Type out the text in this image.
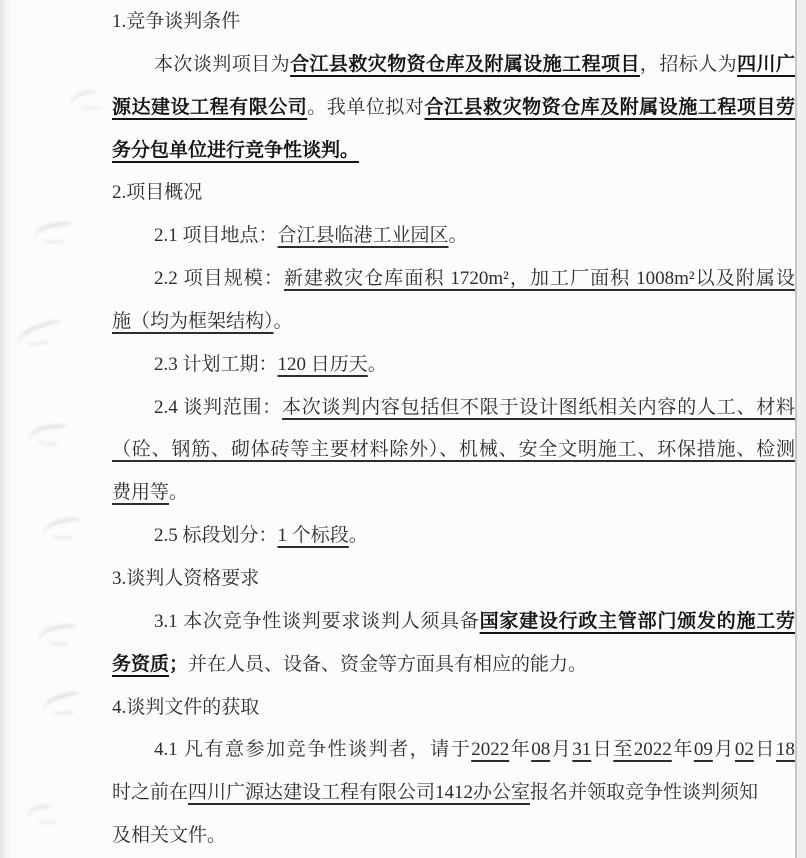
1.竞争谈判条件
本次谈判项目为合江县救灾物资仓库及附属设施工程项目，招标人为四川广
源达建设工程有限公司。我单位拟对合江县救灾物资仓库及附属设施工程项目劳
务分包单位进行竞争性谈判。
2.项目概况
2.1 项目地点：合江县临港工业园区。
2.2 项目规模：新建救灾仓库面积 1720m²，加工厂面积 1008m²以及附属设
施（均为框架结构）。
2.3 计划工期：120 日历天。
2.4 谈判范围：本次谈判内容包括但不限于设计图纸相关内容的人工、材料
（砼、钢筋、砌体砖等主要材料除外）、机械、安全文明施工、环保措施、检测
费用等。
2.5 标段划分：1 个标段。
3.谈判人资格要求
3.1 本次竞争性谈判要求谈判人须具备国家建设行政主管部门颁发的施工劳
务资质；并在人员、设备、资金等方面具有相应的能力。
4.谈判文件的获取
4.1 凡有意参加竞争性谈判者，请于2022年08月31日至2022年09月02日18
时之前在四川广源达建设工程有限公司1412办公室报名并领取竞争性谈判须知
及相关文件。
